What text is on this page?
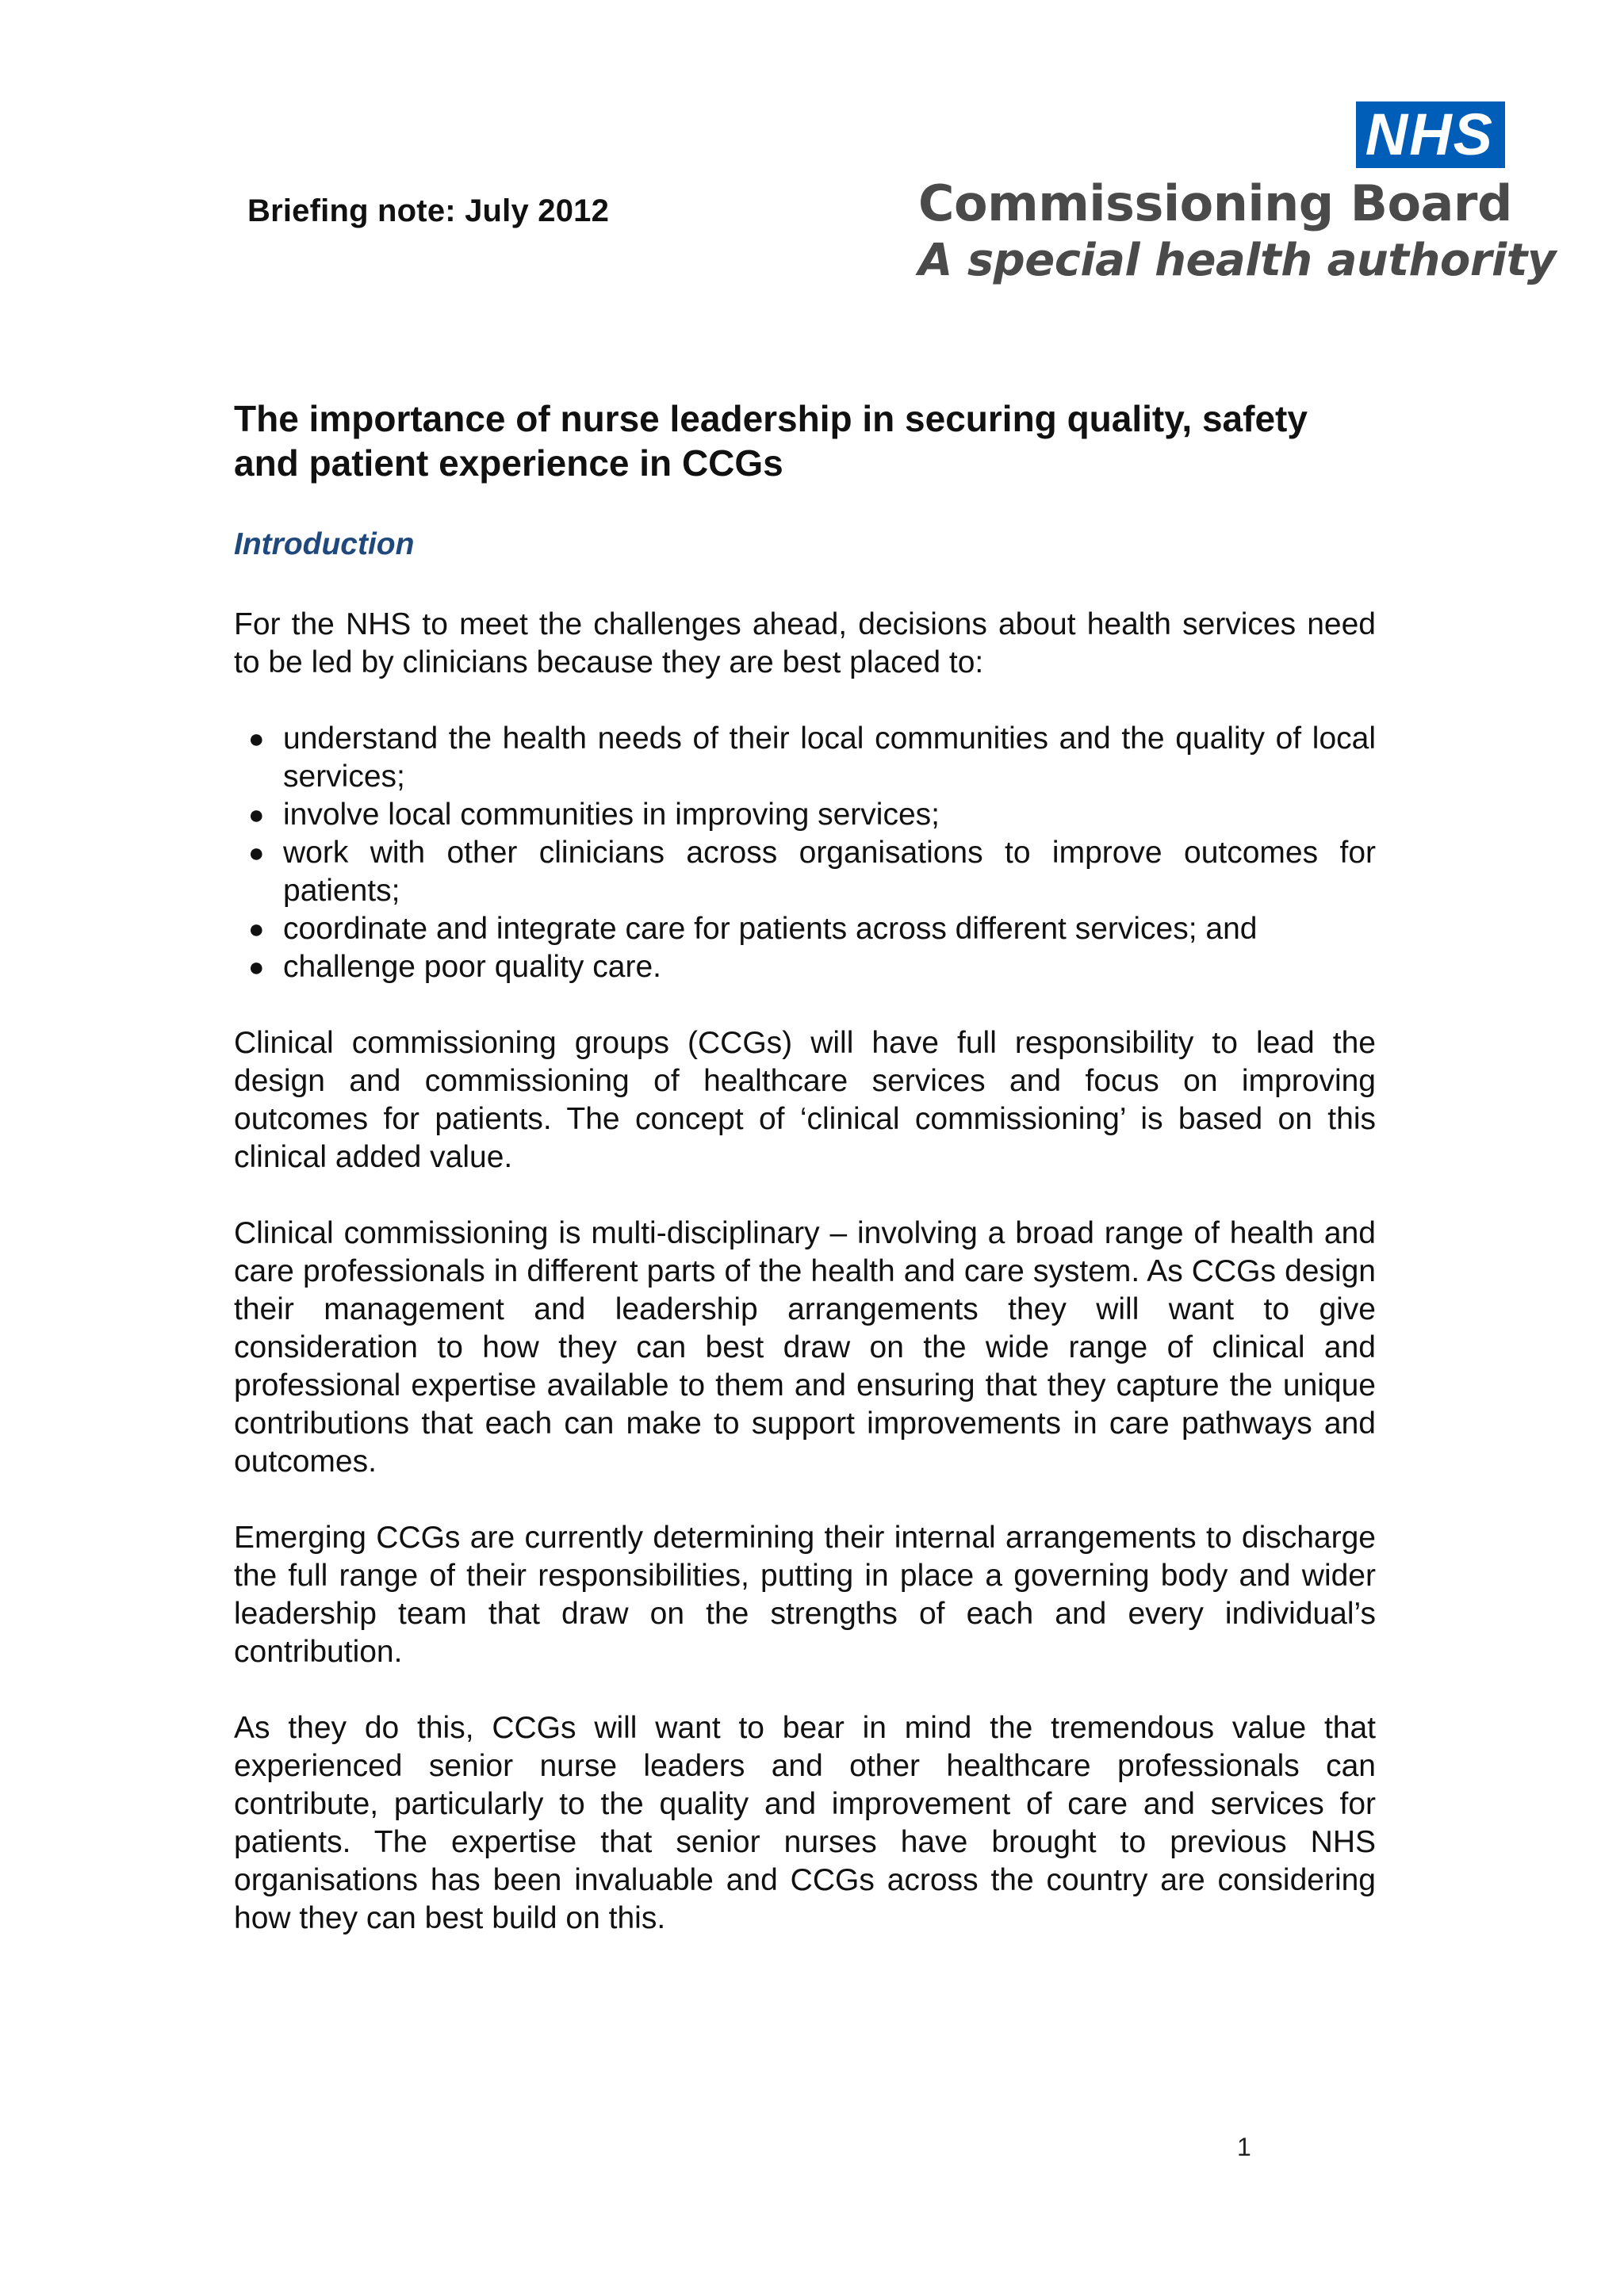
Briefing note: July 2012
NHS
Commissioning Board
A special health authority
The importance of nurse leadership in securing quality, safety and patient experience in CCGs
Introduction

For the NHS to meet the challenges ahead, decisions about health services need to be led by clinicians because they are best placed to:

● understand the health needs of their local communities and the quality of local services;
● involve local communities in improving services;
● work with other clinicians across organisations to improve outcomes for patients;
● coordinate and integrate care for patients across different services; and
● challenge poor quality care.

Clinical commissioning groups (CCGs) will have full responsibility to lead the design and commissioning of healthcare services and focus on improving outcomes for patients. The concept of ‘clinical commissioning’ is based on this clinical added value.

Clinical commissioning is multi-disciplinary – involving a broad range of health and care professionals in different parts of the health and care system. As CCGs design their management and leadership arrangements they will want to give consideration to how they can best draw on the wide range of clinical and professional expertise available to them and ensuring that they capture the unique contributions that each can make to support improvements in care pathways and outcomes.

Emerging CCGs are currently determining their internal arrangements to discharge the full range of their responsibilities, putting in place a governing body and wider leadership team that draw on the strengths of each and every individual’s contribution.

As they do this, CCGs will want to bear in mind the tremendous value that experienced senior nurse leaders and other healthcare professionals can contribute, particularly to the quality and improvement of care and services for patients. The expertise that senior nurses have brought to previous NHS organisations has been invaluable and CCGs across the country are considering how they can best build on this.

1
